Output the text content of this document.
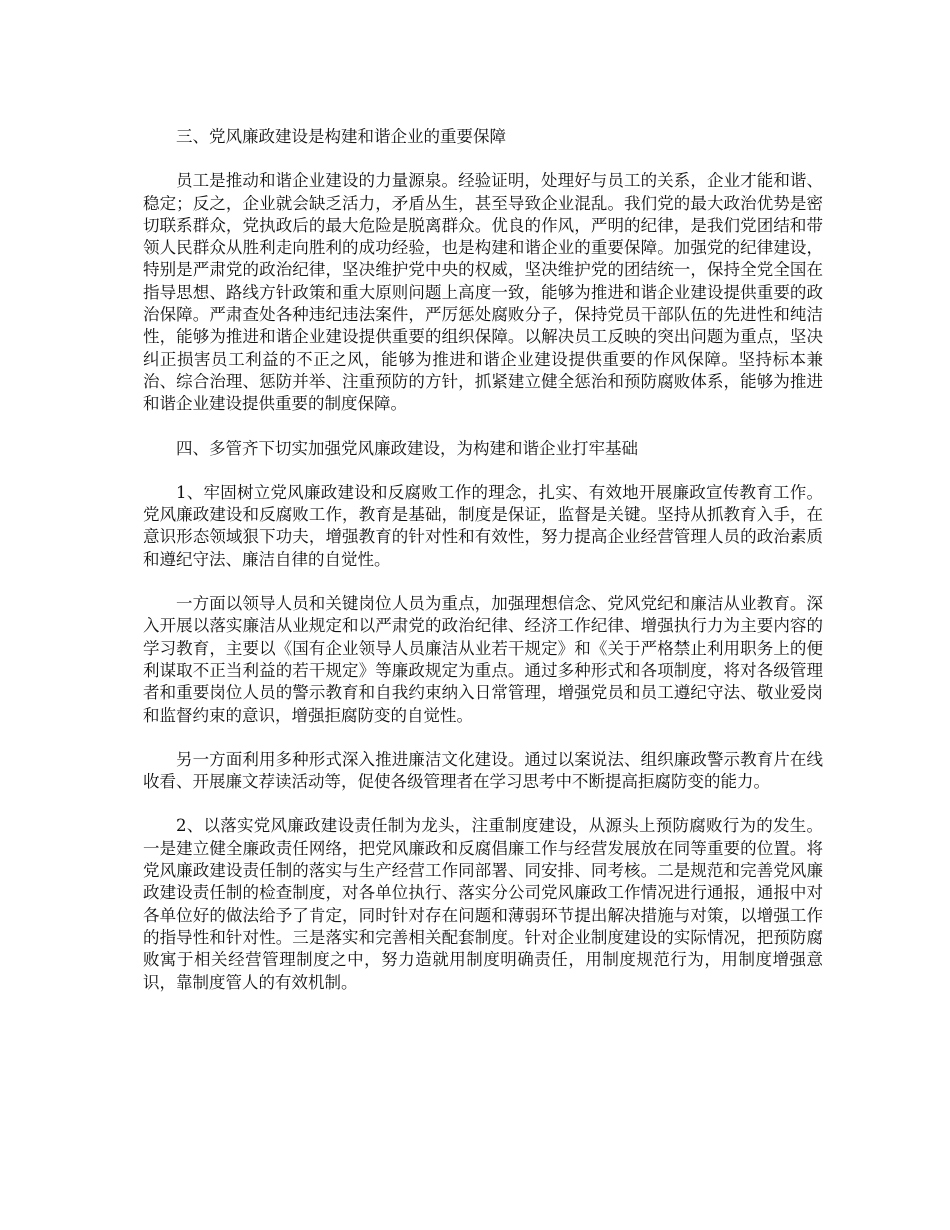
三、党风廉政建设是构建和谐企业的重要保障

员工是推动和谐企业建设的力量源泉。经验证明，处理好与员工的关系，企业才能和谐、稳定；反之，企业就会缺乏活力，矛盾丛生，甚至导致企业混乱。我们党的最大政治优势是密切联系群众，党执政后的最大危险是脱离群众。优良的作风，严明的纪律，是我们党团结和带领人民群众从胜利走向胜利的成功经验，也是构建和谐企业的重要保障。加强党的纪律建设，特别是严肃党的政治纪律，坚决维护党中央的权威，坚决维护党的团结统一，保持全党全国在指导思想、路线方针政策和重大原则问题上高度一致，能够为推进和谐企业建设提供重要的政治保障。严肃查处各种违纪违法案件，严厉惩处腐败分子，保持党员干部队伍的先进性和纯洁性，能够为推进和谐企业建设提供重要的组织保障。以解决员工反映的突出问题为重点，坚决纠正损害员工利益的不正之风，能够为推进和谐企业建设提供重要的作风保障。坚持标本兼治、综合治理、惩防并举、注重预防的方针，抓紧建立健全惩治和预防腐败体系，能够为推进和谐企业建设提供重要的制度保障。

四、多管齐下切实加强党风廉政建设，为构建和谐企业打牢基础

1、牢固树立党风廉政建设和反腐败工作的理念，扎实、有效地开展廉政宣传教育工作。党风廉政建设和反腐败工作，教育是基础，制度是保证，监督是关键。坚持从抓教育入手，在意识形态领域狠下功夫，增强教育的针对性和有效性，努力提高企业经营管理人员的政治素质和遵纪守法、廉洁自律的自觉性。

一方面以领导人员和关键岗位人员为重点，加强理想信念、党风党纪和廉洁从业教育。深入开展以落实廉洁从业规定和以严肃党的政治纪律、经济工作纪律、增强执行力为主要内容的学习教育，主要以《国有企业领导人员廉洁从业若干规定》和《关于严格禁止利用职务上的便利谋取不正当利益的若干规定》等廉政规定为重点。通过多种形式和各项制度，将对各级管理者和重要岗位人员的警示教育和自我约束纳入日常管理，增强党员和员工遵纪守法、敬业爱岗和监督约束的意识，增强拒腐防变的自觉性。

另一方面利用多种形式深入推进廉洁文化建设。通过以案说法、组织廉政警示教育片在线收看、开展廉文荐读活动等，促使各级管理者在学习思考中不断提高拒腐防变的能力。

2、以落实党风廉政建设责任制为龙头，注重制度建设，从源头上预防腐败行为的发生。一是建立健全廉政责任网络，把党风廉政和反腐倡廉工作与经营发展放在同等重要的位置。将党风廉政建设责任制的落实与生产经营工作同部署、同安排、同考核。二是规范和完善党风廉政建设责任制的检查制度，对各单位执行、落实分公司党风廉政工作情况进行通报，通报中对各单位好的做法给予了肯定，同时针对存在问题和薄弱环节提出解决措施与对策，以增强工作的指导性和针对性。三是落实和完善相关配套制度。针对企业制度建设的实际情况，把预防腐败寓于相关经营管理制度之中，努力造就用制度明确责任，用制度规范行为，用制度增强意识，靠制度管人的有效机制。
